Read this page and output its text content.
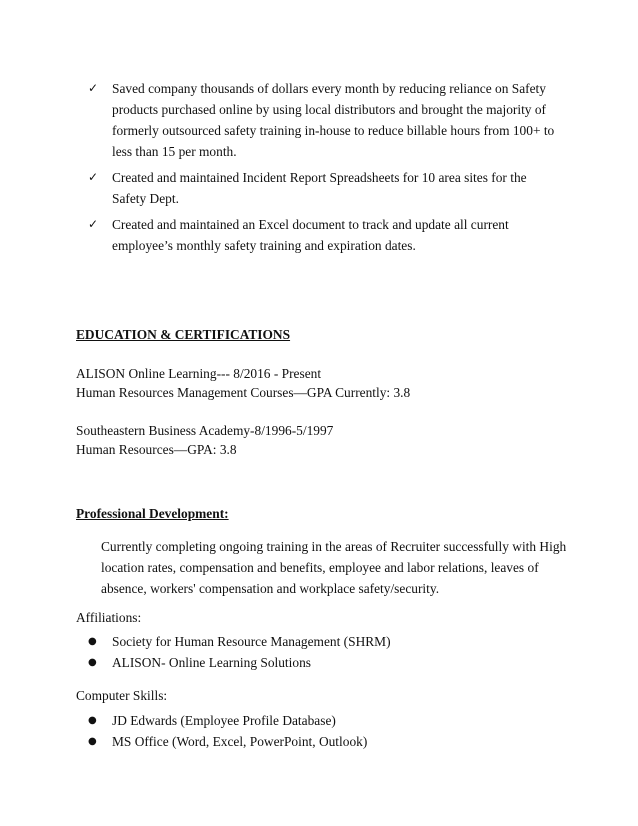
✓ Saved company thousands of dollars every month by reducing reliance on Safety products purchased online by using local distributors and brought the majority of formerly outsourced safety training in-house to reduce billable hours from 100+ to less than 15 per month.
✓ Created and maintained Incident Report Spreadsheets for 10 area sites for the Safety Dept.
✓ Created and maintained an Excel document to track and update all current employee’s monthly safety training and expiration dates.
EDUCATION & CERTIFICATIONS
ALISON Online Learning--- 8/2016 - Present
Human Resources Management Courses—GPA Currently: 3.8
Southeastern Business Academy-8/1996-5/1997
Human Resources—GPA: 3.8
Professional Development:
Currently completing ongoing training in the areas of Recruiter successfully with High location rates, compensation and benefits, employee and labor relations, leaves of absence, workers' compensation and workplace safety/security.
Affiliations:
● Society for Human Resource Management (SHRM)
● ALISON- Online Learning Solutions
Computer Skills:
● JD Edwards (Employee Profile Database)
● MS Office (Word, Excel, PowerPoint, Outlook)
